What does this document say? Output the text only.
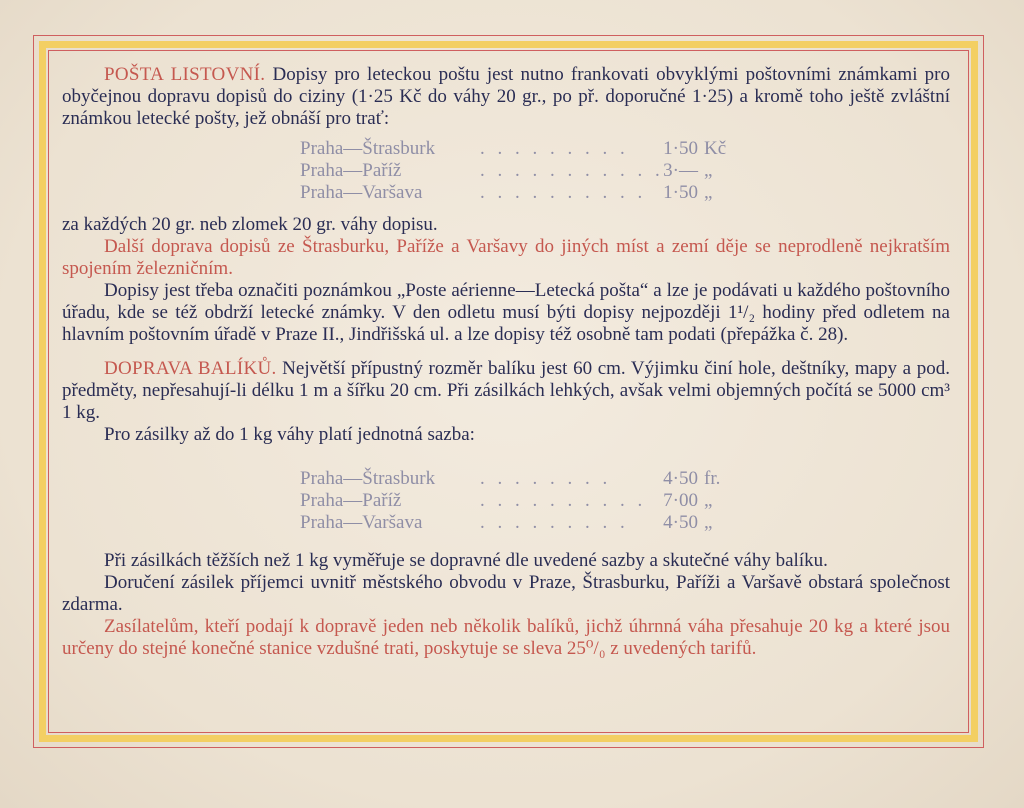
POŠTA LISTOVNÍ. Dopisy pro leteckou poštu jest nutno frankovati obvyklými poštovními známkami pro obyčejnou dopravu dopisů do ciziny (1·25 Kč do váhy 20 gr., po př. doporučné 1·25) a kromě toho ještě zvláštní známkou letecké pošty, jež obnáší pro trať:

Praha—Štrasburk . . . . . . . . .	1·50 Kč
Praha—Paříž	. . . . . . . . . . . 3·— „
Praha—Varšava	. . . . . . . . . . 1·50 „

za každých 20 gr. neb zlomek 20 gr. váhy dopisu.

Další doprava dopisů ze Štrasburku, Paříže a Varšavy do jiných míst a zemí děje se neprodleně nejkratším spojením železničním.

Dopisy jest třeba označiti poznámkou „Poste aérienne—Letecká pošta“ a lze je podávati u každého poštovního úřadu, kde se též obdrží letecké známky. V den odletu musí býti dopisy nejpozději 1¹/₂ hodiny před odletem na hlavním poštovním úřadě v Praze II., Jindřišská ul. a lze dopisy též osobně tam podati (přepážka č. 28).

DOPRAVA BALÍKŮ. Největší přípustný rozměr balíku jest 60 cm. Výjimku činí hole, deštníky, mapy a pod. předměty, nepřesahují-li délku 1 m a šířku 20 cm. Při zásilkách lehkých, avšak velmi objemných počítá se 5000 cm³ 1 kg.

Pro zásilky až do 1 kg váhy platí jednotná sazba:

Praha—Štrasburk . . . . . . . .	4·50 fr.
Praha—Paříž	. . . . . . . . . . 7·00 „
Praha—Varšava	. . . . . . . . .	4·50 „

Při zásilkách těžších než 1 kg vyměřuje se dopravné dle uvedené sazby a skutečné váhy balíku.

Doručení zásilek příjemci uvnitř městského obvodu v Praze, Štrasburku, Paříži a Varšavě obstará společnost zdarma.

Zasílatelům, kteří podají k dopravě jeden neb několik balíků, jichž úhrnná váha přesahuje 20 kg a které jsou určeny do stejné konečné stanice vzdušné trati, poskytuje se sleva 25⁰/₀ z uvedených tarifů.
